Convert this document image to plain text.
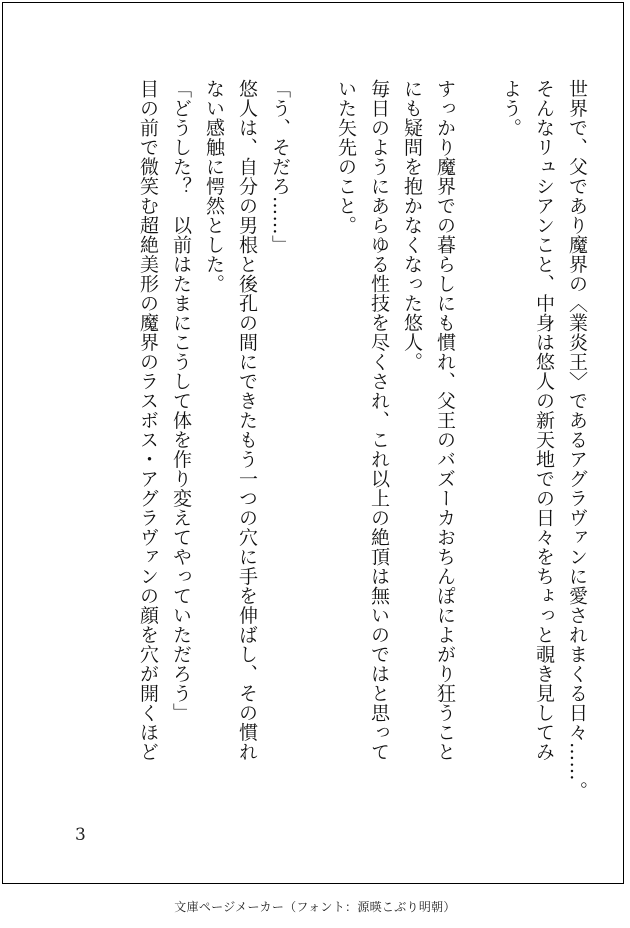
世界で、父であり魔界の〈業炎王〉であるアグラヴァンに愛されまくる日々……。
そんなリュシアンこと、中身は悠人の新天地での日々をちょっと覗き見してみ
よう。
すっかり魔界での暮らしにも慣れ、父王のバズーカおちんぽによがり狂うこと
にも疑問を抱かなくなった悠人。
毎日のようにあらゆる性技を尽くされ、これ以上の絶頂は無いのではと思って
いた矢先のこと。
「う、そだろ……」
悠人は、自分の男根と後孔の間にできたもう一つの穴に手を伸ばし、その慣れ
ない感触に愕然とした。
「どうした？　以前はたまにこうして体を作り変えてやっていただろう」
目の前で微笑む超絶美形の魔界のラスボス・アグラヴァンの顔を穴が開くほど
3
文庫ページメーカー（フォント：源暎こぶり明朝）
